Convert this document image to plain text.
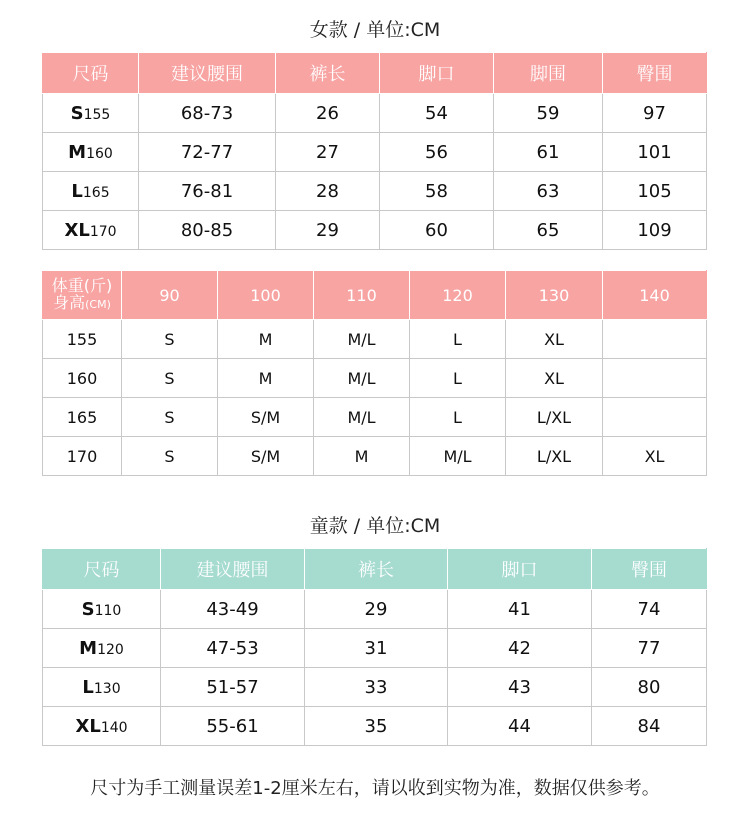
女款 / 单位:CM
尺码	建议腰围	裤长	脚口	脚围	臀围
S155	68-73	26	54	59	97
M160	72-77	27	56	61	101
L165	76-81	28	58	63	105
XL170	80-85	29	60	65	109
体重(斤)
身高(CM)	90	100	110	120	130	140
155	S	M	M/L	L	XL	
160	S	M	M/L	L	XL	
165	S	S/M	M/L	L	L/XL	
170	S	S/M	M	M/L	L/XL	XL
童款 / 单位:CM
尺码	建议腰围	裤长	脚口	臀围
S110	43-49	29	41	74
M120	47-53	31	42	77
L130	51-57	33	43	80
XL140	55-61	35	44	84
尺寸为手工测量误差1-2厘米左右，请以收到实物为准，数据仅供参考。
